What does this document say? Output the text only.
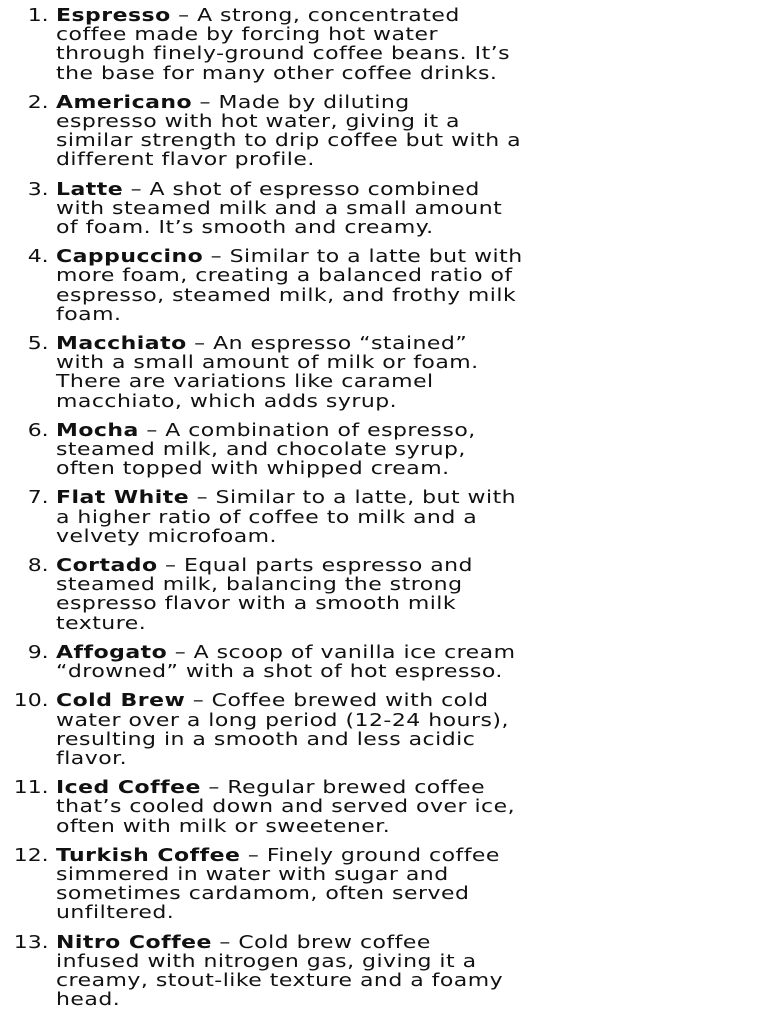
1. Espresso – A strong, concentrated
coffee made by forcing hot water
through finely-ground coffee beans. It’s
the base for many other coffee drinks.
2. Americano – Made by diluting
espresso with hot water, giving it a
similar strength to drip coffee but with a
different flavor profile.
3. Latte – A shot of espresso combined
with steamed milk and a small amount
of foam. It’s smooth and creamy.
4. Cappuccino – Similar to a latte but with
more foam, creating a balanced ratio of
espresso, steamed milk, and frothy milk
foam.
5. Macchiato – An espresso “stained”
with a small amount of milk or foam.
There are variations like caramel
macchiato, which adds syrup.
6. Mocha – A combination of espresso,
steamed milk, and chocolate syrup,
often topped with whipped cream.
7. Flat White – Similar to a latte, but with
a higher ratio of coffee to milk and a
velvety microfoam.
8. Cortado – Equal parts espresso and
steamed milk, balancing the strong
espresso flavor with a smooth milk
texture.
9. Affogato – A scoop of vanilla ice cream
“drowned” with a shot of hot espresso.
10. Cold Brew – Coffee brewed with cold
water over a long period (12-24 hours),
resulting in a smooth and less acidic
flavor.
11. Iced Coffee – Regular brewed coffee
that’s cooled down and served over ice,
often with milk or sweetener.
12. Turkish Coffee – Finely ground coffee
simmered in water with sugar and
sometimes cardamom, often served
unfiltered.
13. Nitro Coffee – Cold brew coffee
infused with nitrogen gas, giving it a
creamy, stout-like texture and a foamy
head.
